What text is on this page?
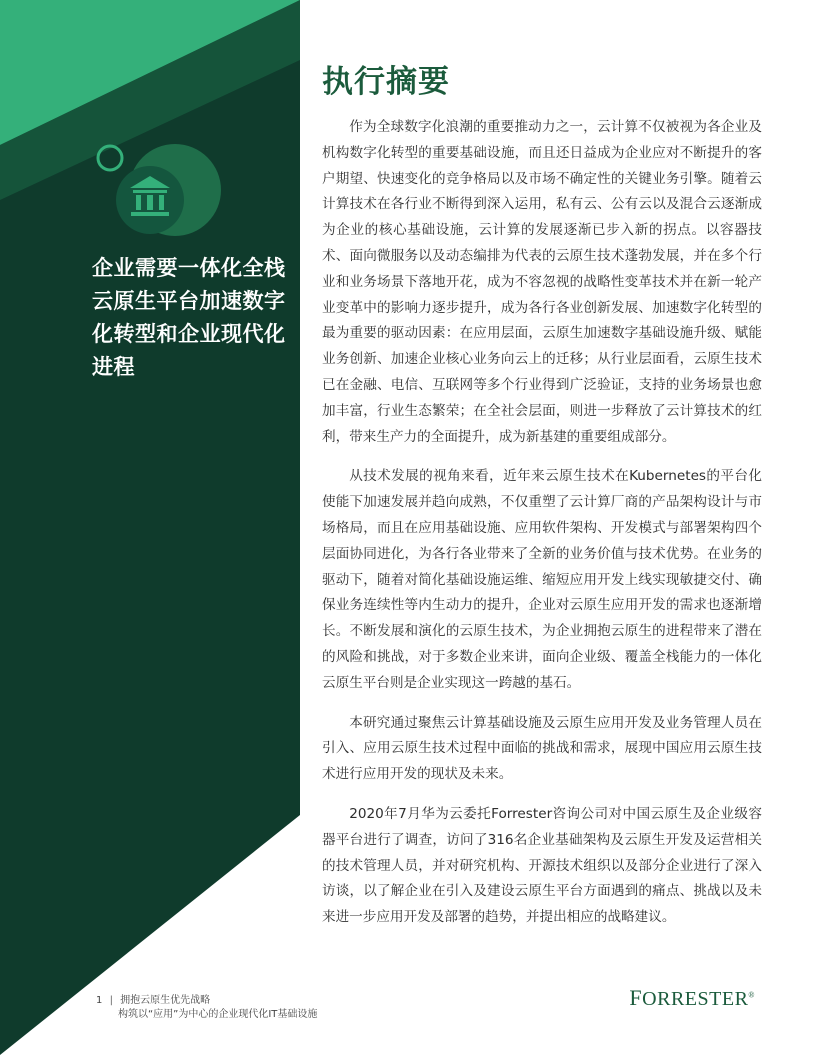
企业需要一体化全栈云原生平台加速数字化转型和企业现代化进程

执行摘要

作为全球数字化浪潮的重要推动力之一，云计算不仅被视为各企业及机构数字化转型的重要基础设施，而且还日益成为企业应对不断提升的客户期望、快速变化的竞争格局以及市场不确定性的关键业务引擎。随着云计算技术在各行业不断得到深入运用，私有云、公有云以及混合云逐渐成为企业的核心基础设施，云计算的发展逐渐已步入新的拐点。以容器技术、面向微服务以及动态编排为代表的云原生技术蓬勃发展，并在多个行业和业务场景下落地开花，成为不容忽视的战略性变革技术并在新一轮产业变革中的影响力逐步提升，成为各行各业创新发展、加速数字化转型的最为重要的驱动因素：在应用层面，云原生加速数字基础设施升级、赋能业务创新、加速企业核心业务向云上的迁移；从行业层面看，云原生技术已在金融、电信、互联网等多个行业得到广泛验证，支持的业务场景也愈加丰富，行业生态繁荣；在全社会层面，则进一步释放了云计算技术的红利，带来生产力的全面提升，成为新基建的重要组成部分。

从技术发展的视角来看，近年来云原生技术在Kubernetes的平台化使能下加速发展并趋向成熟，不仅重塑了云计算厂商的产品架构设计与市场格局，而且在应用基础设施、应用软件架构、开发模式与部署架构四个层面协同进化，为各行各业带来了全新的业务价值与技术优势。在业务的驱动下，随着对简化基础设施运维、缩短应用开发上线实现敏捷交付、确保业务连续性等内生动力的提升，企业对云原生应用开发的需求也逐渐增长。不断发展和演化的云原生技术，为企业拥抱云原生的进程带来了潜在的风险和挑战，对于多数企业来讲，面向企业级、覆盖全栈能力的一体化云原生平台则是企业实现这一跨越的基石。

本研究通过聚焦云计算基础设施及云原生应用开发及业务管理人员在引入、应用云原生技术过程中面临的挑战和需求，展现中国应用云原生技术进行应用开发的现状及未来。

2020年7月华为云委托Forrester咨询公司对中国云原生及企业级容器平台进行了调查，访问了316名企业基础架构及云原生开发及运营相关的技术管理人员，并对研究机构、开源技术组织以及部分企业进行了深入访谈，以了解企业在引入及建设云原生平台方面遇到的痛点、挑战以及未来进一步应用开发及部署的趋势，并提出相应的战略建议。

1 | 拥抱云原生优先战略
构筑以“应用”为中心的企业现代化IT基础设施
FORRESTER®
